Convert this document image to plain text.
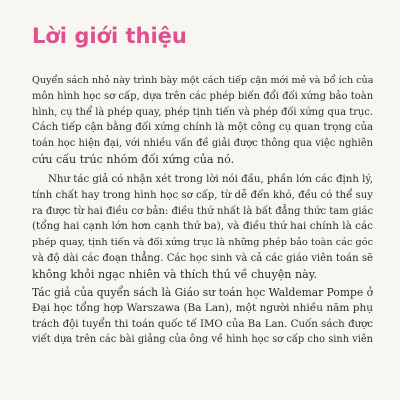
Lời giới thiệu
Quyển sách nhỏ này trình bày một cách tiếp cận mới mẻ và bổ ích của
môn hình học sơ cấp, dựa trên các phép biến đổi đối xứng bảo toàn
hình, cụ thể là phép quay, phép tịnh tiến và phép đối xứng qua trục.
Cách tiếp cận bằng đối xứng chính là một công cụ quan trọng của
toán học hiện đại, với nhiều vấn đề giải được thông qua việc nghiên
cứu cấu trúc nhóm đối xứng của nó.
Như tác giả có nhận xét trong lời nói đầu, phần lớn các định lý,
tính chất hay trong hình học sơ cấp, từ dễ đến khó, đều có thể suy
ra được từ hai điều cơ bản: điều thứ nhất là bất đẳng thức tam giác
(tổng hai cạnh lớn hơn cạnh thứ ba), và điều thứ hai chính là các
phép quay, tịnh tiến và đối xứng trục là những phép bảo toàn các góc
và độ dài các đoạn thẳng. Các học sinh và cả các giáo viên toán sẽ
không khỏi ngạc nhiên và thích thú về chuyện này.
Tác giả của quyển sách là Giáo sư toán học Waldemar Pompe ở
Đại học tổng hợp Warszawa (Ba Lan), một người nhiều năm phụ
trách đội tuyển thi toán quốc tế IMO của Ba Lan. Cuốn sách được
viết dựa trên các bài giảng của ông về hình học sơ cấp cho sinh viên
